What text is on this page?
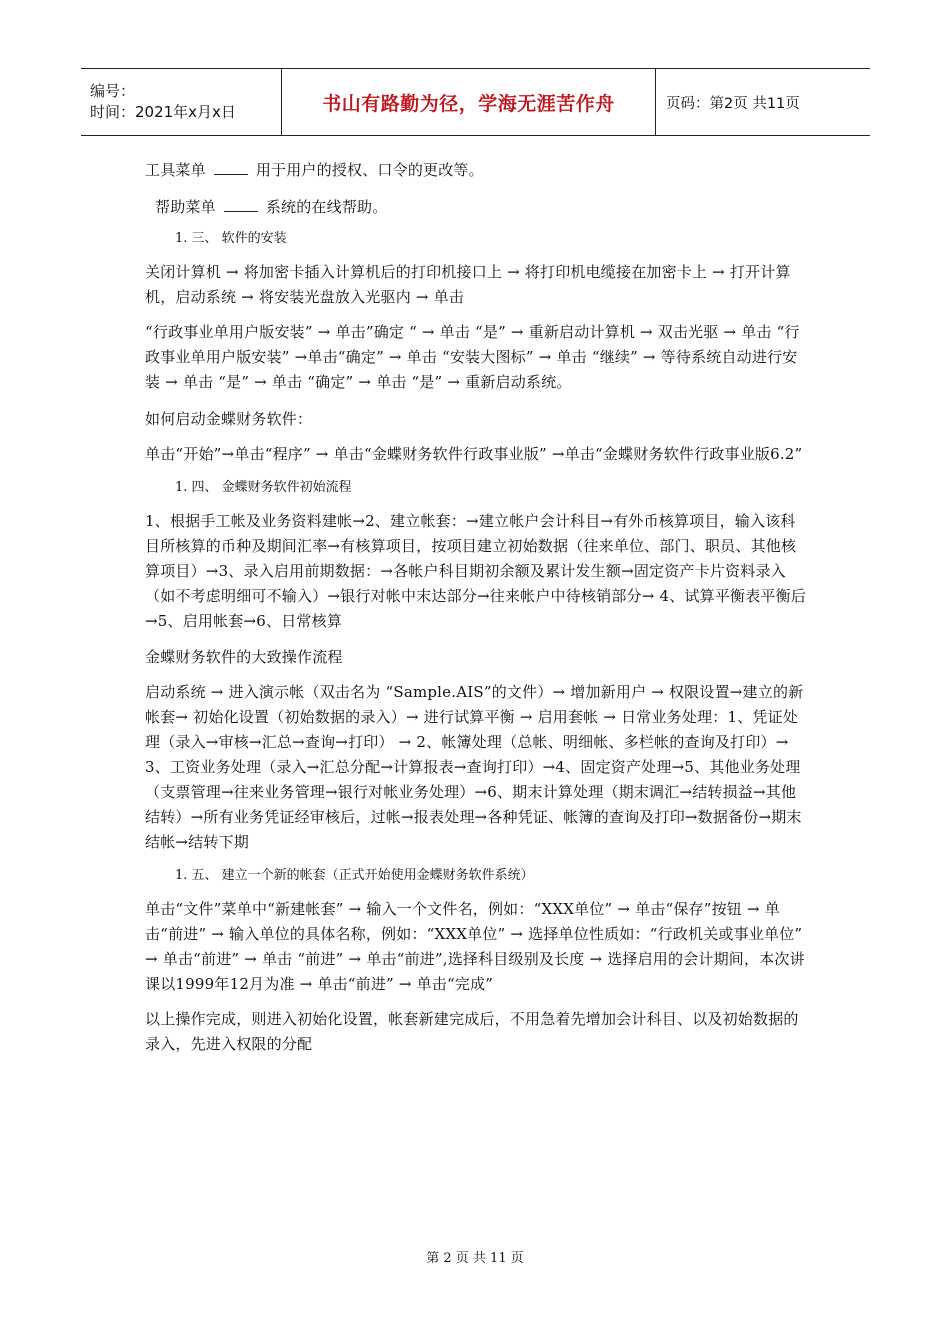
编号：
时间：2021年x月x日	书山有路勤为径，学海无涯苦作舟	页码：第2页 共11页

工具菜单	用于用户的授权、口令的更改等。

帮助菜单	系统的在线帮助。

1. 三、 软件的安装

关闭计算机 → 将加密卡插入计算机后的打印机接口上 → 将打印机电缆接在加密卡上 → 打开计算机，启动系统 → 将安装光盘放入光驱内 → 单击

“行政事业单用户版安装” → 单击”确定 “ → 单击 “是” → 重新启动计算机 → 双击光驱 → 单击 “行政事业单用户版安装” →单击“确定” → 单击 “安装大图标” → 单击 “继续” → 等待系统自动进行安装 → 单击 “是” → 单击 “确定” → 单击 “是” → 重新启动系统。

如何启动金蝶财务软件：

单击“开始”→单击“程序” → 单击“金蝶财务软件行政事业版” →单击“金蝶财务软件行政事业版6.2”

1. 四、 金蝶财务软件初始流程

1、根据手工帐及业务资料建帐→2、建立帐套：→建立帐户会计科目→有外币核算项目，输入该科目所核算的币种及期间汇率→有核算项目，按项目建立初始数据（往来单位、部门、职员、其他核算项目）→3、录入启用前期数据：→各帐户科目期初余额及累计发生额→固定资产卡片资料录入（如不考虑明细可不输入）→银行对帐中末达部分→往来帐户中待核销部分→ 4、试算平衡表平衡后→5、启用帐套→6、日常核算

金蝶财务软件的大致操作流程

启动系统 → 进入演示帐（双击名为 “Sample.AIS”的文件）→ 增加新用户 → 权限设置→建立的新帐套→ 初始化设置（初始数据的录入）→ 进行试算平衡 → 启用套帐 → 日常业务处理：1、凭证处理（录入→审核→汇总→查询→打印） → 2、帐簿处理（总帐、明细帐、多栏帐的查询及打印）→3、工资业务处理（录入→汇总分配→计算报表→查询打印）→4、固定资产处理→5、其他业务处理（支票管理→往来业务管理→银行对帐业务处理）→6、期末计算处理（期末调汇→结转损益→其他结转）→所有业务凭证经审核后，过帐→报表处理→各种凭证、帐簿的查询及打印→数据备份→期末结帐→结转下期

1. 五、 建立一个新的帐套（正式开始使用金蝶财务软件系统）

单击“文件”菜单中“新建帐套” → 输入一个文件名，例如：“XXX单位” → 单击“保存”按钮 → 单击“前进” → 输入单位的具体名称，例如：“XXX单位” → 选择单位性质如：“行政机关或事业单位” → 单击“前进” → 单击 “前进” → 单击“前进”,选择科目级别及长度 → 选择启用的会计期间，本次讲课以1999年12月为准 → 单击“前进” → 单击“完成”

以上操作完成，则进入初始化设置，帐套新建完成后，不用急着先增加会计科目、以及初始数据的录入，先进入权限的分配

第 2 页 共 11 页
